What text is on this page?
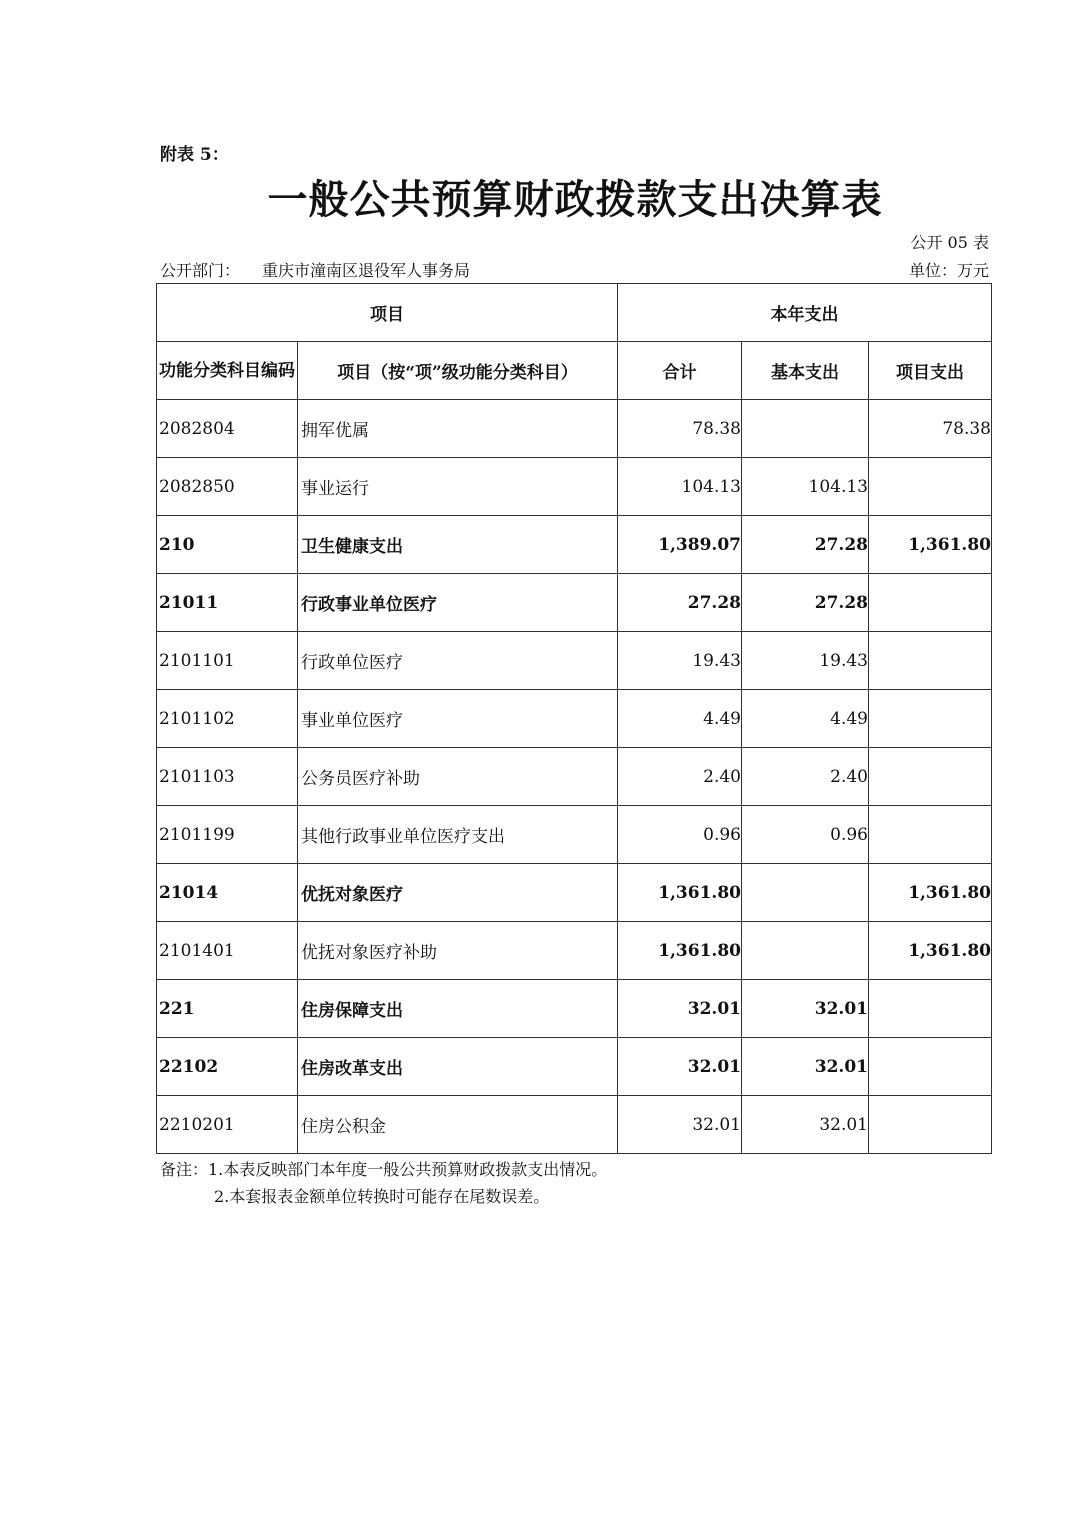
附表 5：
一般公共预算财政拨款支出决算表
公开 05 表
公开部门： 重庆市潼南区退役军人事务局	单位：万元
项目		本年支出		
功能分类科目编码	项目（按“项”级功能分类科目）	合计	基本支出	项目支出
2082804	拥军优属	78.38		78.38
2082850	事业运行	104.13	104.13	
210	卫生健康支出	1,389.07	27.28	1,361.80
21011	行政事业单位医疗	27.28	27.28	
2101101	行政单位医疗	19.43	19.43	
2101102	事业单位医疗	4.49	4.49	
2101103	公务员医疗补助	2.40	2.40	
2101199	其他行政事业单位医疗支出	0.96	0.96	
21014	优抚对象医疗	1,361.80		1,361.80
2101401	优抚对象医疗补助	1,361.80		1,361.80
221	住房保障支出	32.01	32.01	
22102	住房改革支出	32.01	32.01	
2210201	住房公积金	32.01	32.01	
备注：1.本表反映部门本年度一般公共预算财政拨款支出情况。
2.本套报表金额单位转换时可能存在尾数误差。
